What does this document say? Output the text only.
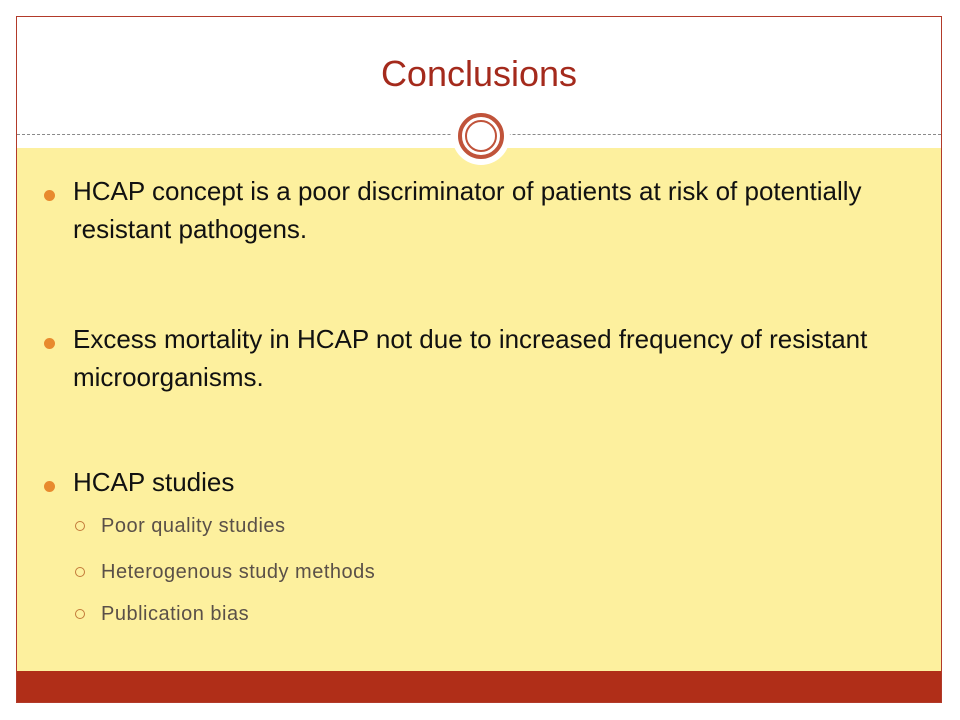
Conclusions
HCAP concept is a poor discriminator of patients at risk of potentially resistant pathogens.
Excess mortality in HCAP not due to increased frequency of resistant microorganisms.
HCAP studies
Poor quality studies
Heterogenous study methods
Publication bias
